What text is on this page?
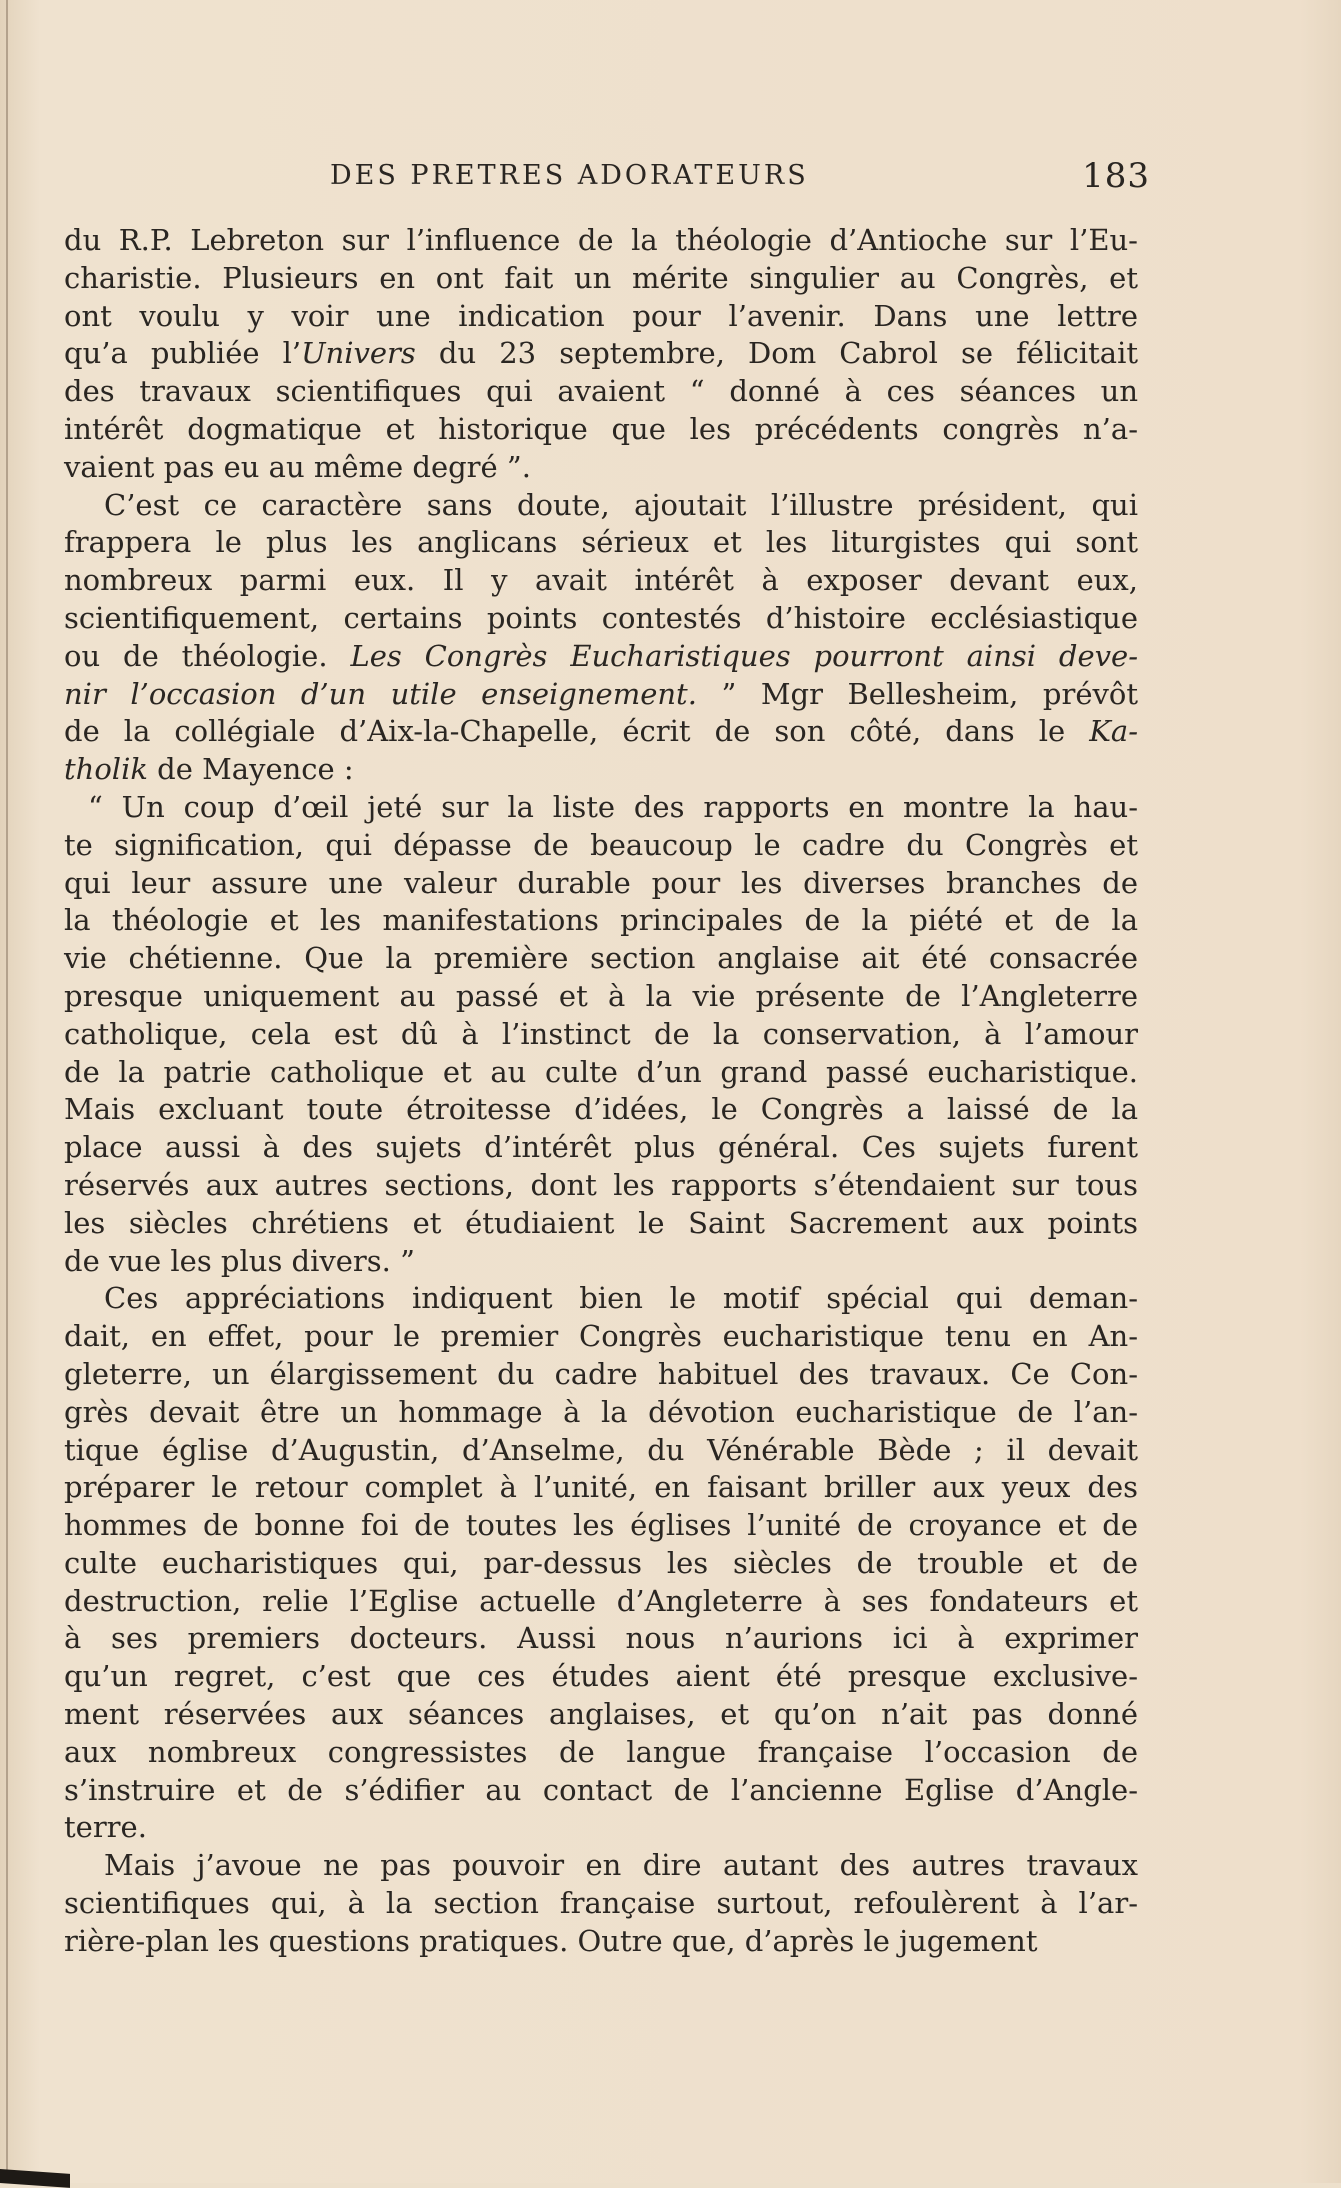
DES PRETRES ADORATEURS	183
du R.P. Lebreton sur l’influence de la théologie d’Antioche sur l’Eu-
charistie. Plusieurs en ont fait un mérite singulier au Congrès, et
ont voulu y voir une indication pour l’avenir. Dans une lettre
qu’a publiée l’Univers du 23 septembre, Dom Cabrol se félicitait
des travaux scientifiques qui avaient “ donné à ces séances un
intérêt dogmatique et historique que les précédents congrès n’a-
vaient pas eu au même degré ”.
C’est ce caractère sans doute, ajoutait l’illustre président, qui
frappera le plus les anglicans sérieux et les liturgistes qui sont
nombreux parmi eux. Il y avait intérêt à exposer devant eux,
scientifiquement, certains points contestés d’histoire ecclésiastique
ou de théologie. Les Congrès Eucharistiques pourront ainsi deve-
nir l’occasion d’un utile enseignement. ” Mgr Bellesheim, prévôt
de la collégiale d’Aix-la-Chapelle, écrit de son côté, dans le Ka-
tholik de Mayence :
“ Un coup d’œil jeté sur la liste des rapports en montre la hau-
te signification, qui dépasse de beaucoup le cadre du Congrès et
qui leur assure une valeur durable pour les diverses branches de
la théologie et les manifestations principales de la piété et de la
vie chétienne. Que la première section anglaise ait été consacrée
presque uniquement au passé et à la vie présente de l’Angleterre
catholique, cela est dû à l’instinct de la conservation, à l’amour
de la patrie catholique et au culte d’un grand passé eucharistique.
Mais excluant toute étroitesse d’idées, le Congrès a laissé de la
place aussi à des sujets d’intérêt plus général. Ces sujets furent
réservés aux autres sections, dont les rapports s’étendaient sur tous
les siècles chrétiens et étudiaient le Saint Sacrement aux points
de vue les plus divers. ”
Ces appréciations indiquent bien le motif spécial qui deman-
dait, en effet, pour le premier Congrès eucharistique tenu en An-
gleterre, un élargissement du cadre habituel des travaux. Ce Con-
grès devait être un hommage à la dévotion eucharistique de l’an-
tique église d’Augustin, d’Anselme, du Vénérable Bède ; il devait
préparer le retour complet à l’unité, en faisant briller aux yeux des
hommes de bonne foi de toutes les églises l’unité de croyance et de
culte eucharistiques qui, par-dessus les siècles de trouble et de
destruction, relie l’Eglise actuelle d’Angleterre à ses fondateurs et
à ses premiers docteurs. Aussi nous n’aurions ici à exprimer
qu’un regret, c’est que ces études aient été presque exclusive-
ment réservées aux séances anglaises, et qu’on n’ait pas donné
aux nombreux congressistes de langue française l’occasion de
s’instruire et de s’édifier au contact de l’ancienne Eglise d’Angle-
terre.
Mais j’avoue ne pas pouvoir en dire autant des autres travaux
scientifiques qui, à la section française surtout, refoulèrent à l’ar-
rière-plan les questions pratiques. Outre que, d’après le jugement
